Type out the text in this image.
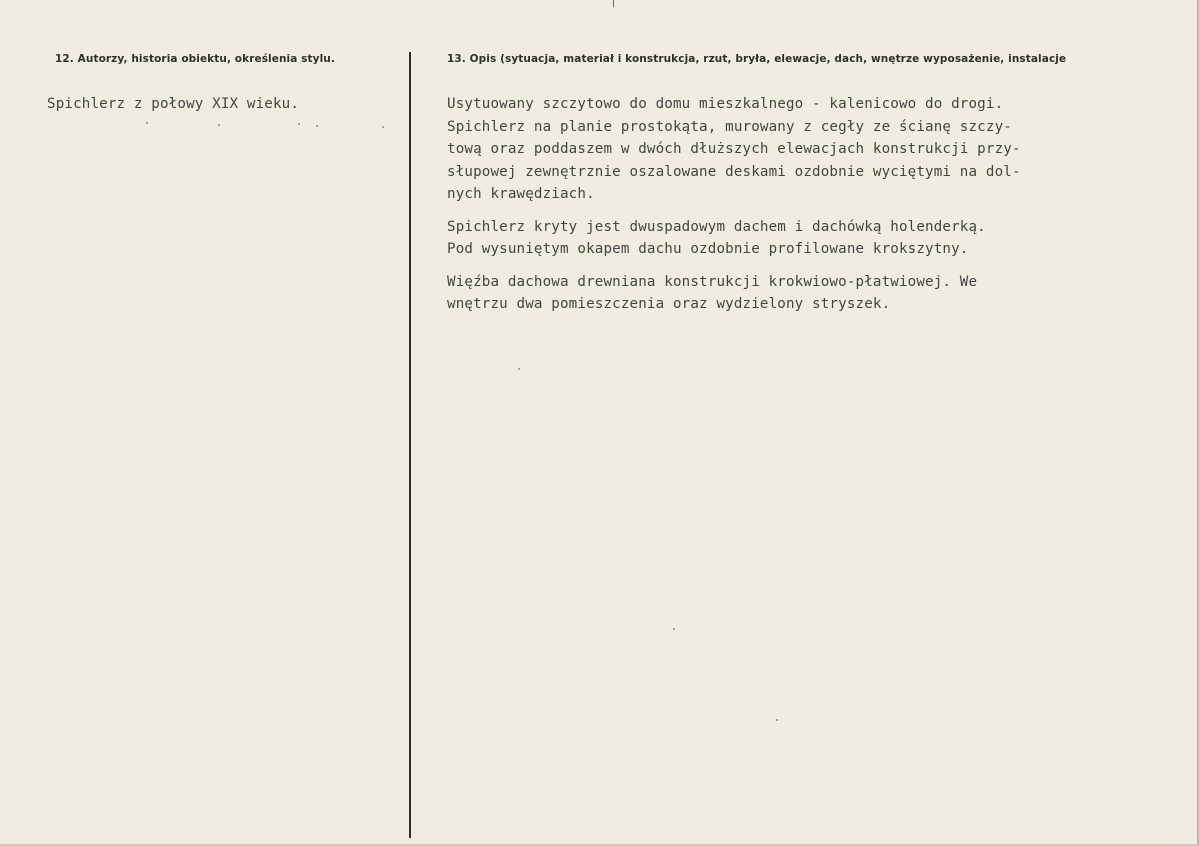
12. Autorzy, historia obiektu, określenia stylu.	13. Opis (sytuacja, materiał i konstrukcja, rzut, bryła, elewacje, dach, wnętrze wyposażenie, instalacje
Spichlerz z połowy XIX wieku.	Usytuowany szczytowo do domu mieszkalnego - kalenicowo do drogi.
Spichlerz na planie prostokąta, murowany z cegły ze ścianę szczy-
tową oraz poddaszem w dwóch dłuższych elewacjach konstrukcji przy-
słupowej zewnętrznie oszalowane deskami ozdobnie wyciętymi na dol-
nych krawędziach.
Spichlerz kryty jest dwuspadowym dachem i dachówką holenderką.
Pod wysuniętym okapem dachu ozdobnie profilowane krokszytny.
Więźba dachowa drewniana konstrukcji krokwiowo-płatwiowej. We
wnętrzu dwa pomieszczenia oraz wydzielony stryszek.
